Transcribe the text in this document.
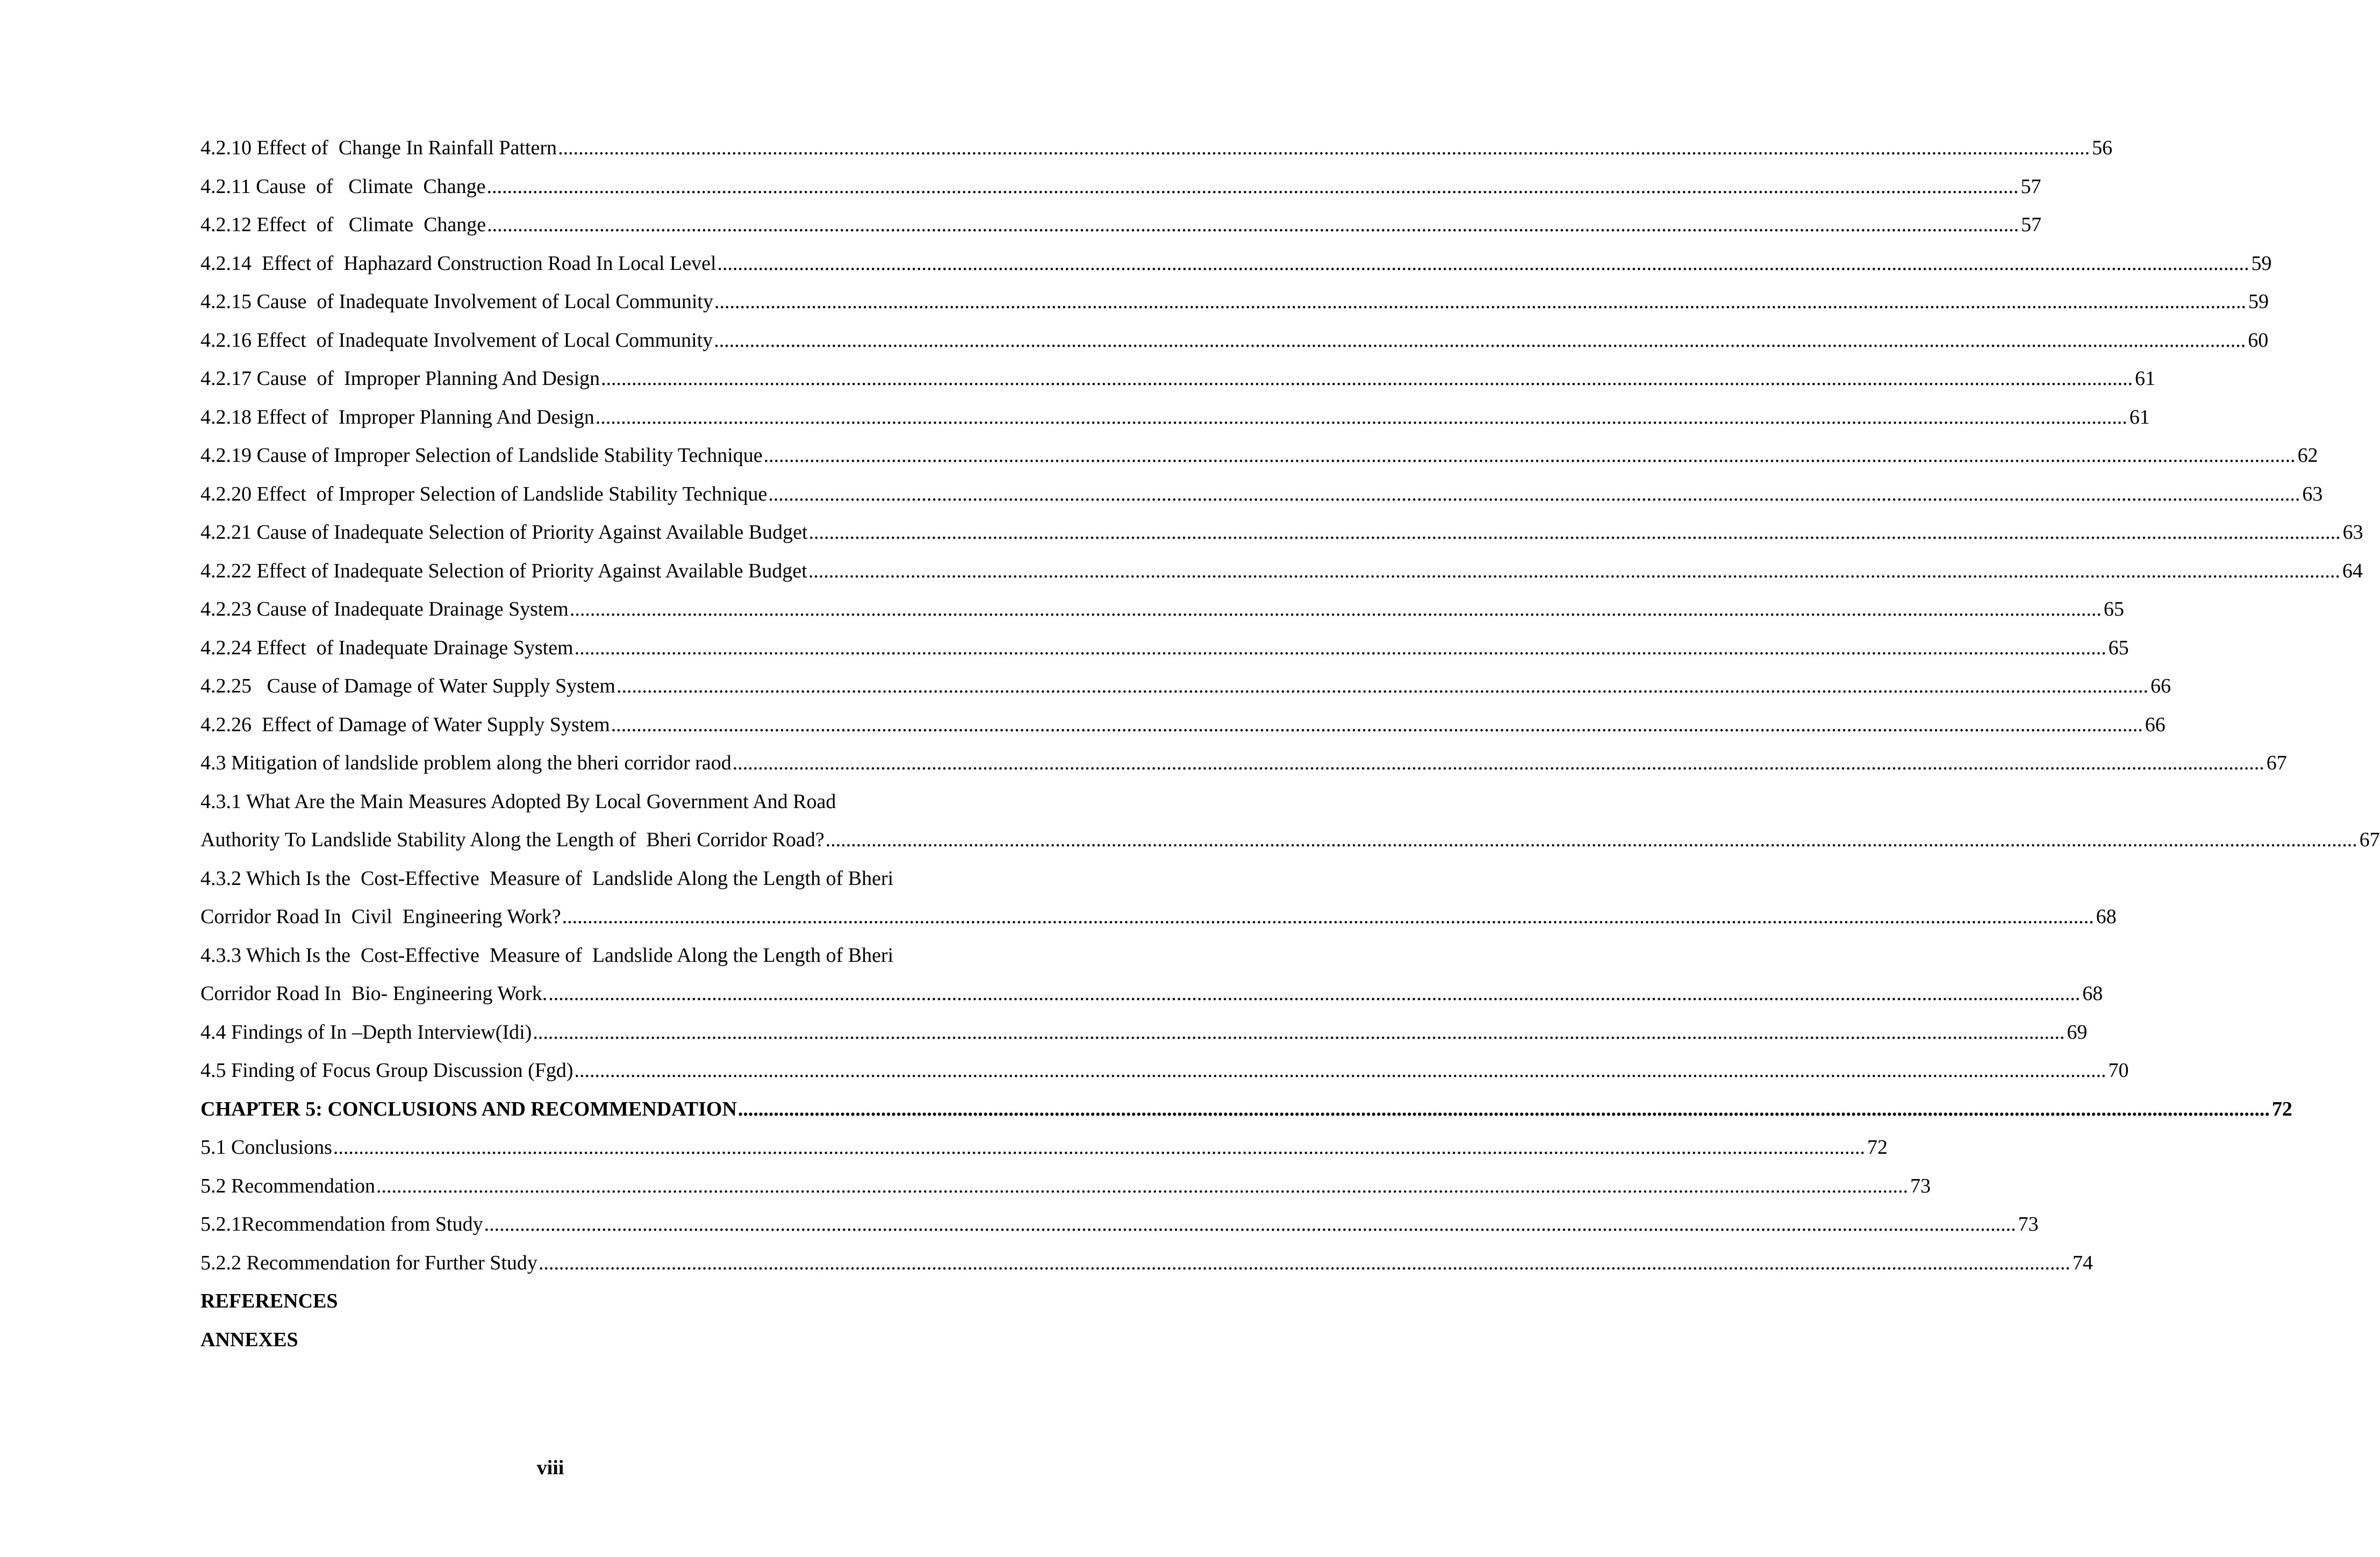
4.2.10 Effect of  Change In Rainfall Pattern ............................................................................................................................................................................................................................................................................................................ 56
4.2.11 Cause  of   Climate  Change ............................................................................................................................................................................................................................................................................................................ 57
4.2.12 Effect  of   Climate  Change ............................................................................................................................................................................................................................................................................................................ 57
4.2.14  Effect of  Haphazard Construction Road In Local Level ............................................................................................................................................................................................................................................................................................................ 59
4.2.15 Cause  of Inadequate Involvement of Local Community ............................................................................................................................................................................................................................................................................................................ 59
4.2.16 Effect  of Inadequate Involvement of Local Community ............................................................................................................................................................................................................................................................................................................ 60
4.2.17 Cause  of  Improper Planning And Design ............................................................................................................................................................................................................................................................................................................ 61
4.2.18 Effect of  Improper Planning And Design ............................................................................................................................................................................................................................................................................................................ 61
4.2.19 Cause of Improper Selection of Landslide Stability Technique ............................................................................................................................................................................................................................................................................................................ 62
4.2.20 Effect  of Improper Selection of Landslide Stability Technique ............................................................................................................................................................................................................................................................................................................ 63
4.2.21 Cause of Inadequate Selection of Priority Against Available Budget ............................................................................................................................................................................................................................................................................................................ 63
4.2.22 Effect of Inadequate Selection of Priority Against Available Budget ............................................................................................................................................................................................................................................................................................................ 64
4.2.23 Cause of Inadequate Drainage System ............................................................................................................................................................................................................................................................................................................ 65
4.2.24 Effect  of Inadequate Drainage System ............................................................................................................................................................................................................................................................................................................ 65
4.2.25   Cause of Damage of Water Supply System ............................................................................................................................................................................................................................................................................................................ 66
4.2.26  Effect of Damage of Water Supply System ............................................................................................................................................................................................................................................................................................................ 66
4.3 Mitigation of landslide problem along the bheri corridor raod ............................................................................................................................................................................................................................................................................................................ 67
4.3.1 What Are the Main Measures Adopted By Local Government And Road
Authority To Landslide Stability Along the Length of  Bheri Corridor Road? ............................................................................................................................................................................................................................................................................................................ 67
4.3.2 Which Is the  Cost-Effective  Measure of  Landslide Along the Length of Bheri
Corridor Road In  Civil  Engineering Work? ............................................................................................................................................................................................................................................................................................................ 68
4.3.3 Which Is the  Cost-Effective  Measure of  Landslide Along the Length of Bheri
Corridor Road In  Bio- Engineering Work. ............................................................................................................................................................................................................................................................................................................ 68
4.4 Findings of In –Depth Interview(Idi) ............................................................................................................................................................................................................................................................................................................ 69
4.5 Finding of Focus Group Discussion (Fgd) ............................................................................................................................................................................................................................................................................................................ 70
CHAPTER 5: CONCLUSIONS AND RECOMMENDATION ............................................................................................................................................................................................................................................................................................................ 72
5.1 Conclusions ............................................................................................................................................................................................................................................................................................................ 72
5.2 Recommendation ............................................................................................................................................................................................................................................................................................................ 73
5.2.1Recommendation from Study ............................................................................................................................................................................................................................................................................................................ 73
5.2.2 Recommendation for Further Study ............................................................................................................................................................................................................................................................................................................ 74
REFERENCES
ANNEXES
viii
